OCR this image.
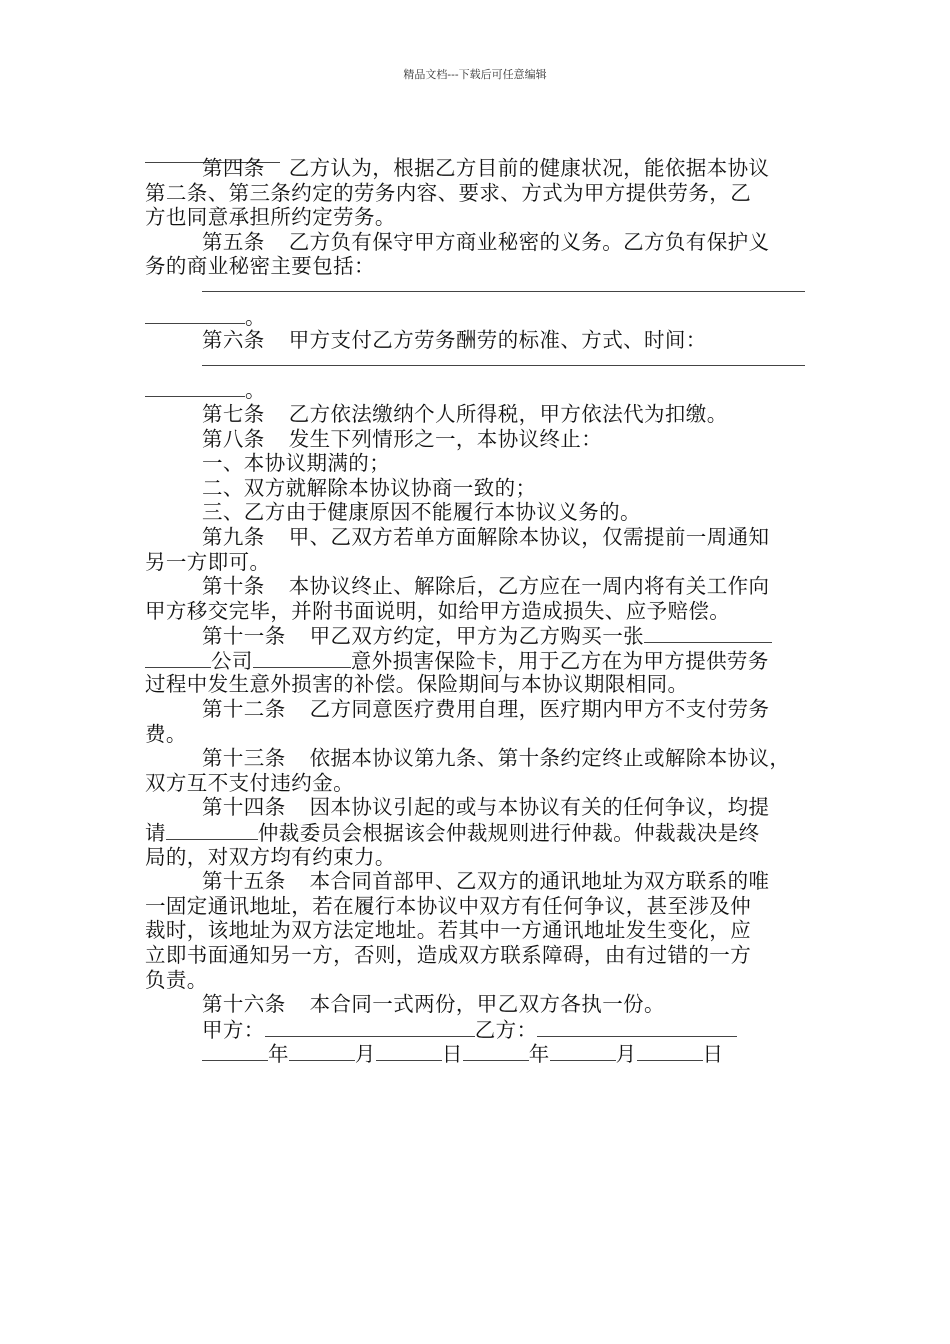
精品文档---下载后可任意编辑
第四条 乙方认为，根据乙方目前的健康状况，能依据本协议
第二条、第三条约定的劳务内容、要求、方式为甲方提供劳务，乙
方也同意承担所约定劳务。
第五条 乙方负有保守甲方商业秘密的义务。乙方负有保护义
务的商业秘密主要包括：
。
第六条 甲方支付乙方劳务酬劳的标准、方式、时间：
。
第七条 乙方依法缴纳个人所得税，甲方依法代为扣缴。
第八条 发生下列情形之一，本协议终止：
一、本协议期满的；
二、双方就解除本协议协商一致的；
三、乙方由于健康原因不能履行本协议义务的。
第九条 甲、乙双方若单方面解除本协议，仅需提前一周通知
另一方即可。
第十条 本协议终止、解除后，乙方应在一周内将有关工作向
甲方移交完毕，并附书面说明，如给甲方造成损失、应予赔偿。
第十一条 甲乙双方约定，甲方为乙方购买一张
公司	意外损害保险卡，用于乙方在为甲方提供劳务
过程中发生意外损害的补偿。保险期间与本协议期限相同。
第十二条 乙方同意医疗费用自理，医疗期内甲方不支付劳务
费。
第十三条 依据本协议第九条、第十条约定终止或解除本协议，
双方互不支付违约金。
第十四条 因本协议引起的或与本协议有关的任何争议，均提
请	仲裁委员会根据该会仲裁规则进行仲裁。仲裁裁决是终
局的，对双方均有约束力。
第十五条 本合同首部甲、乙双方的通讯地址为双方联系的唯
一固定通讯地址，若在履行本协议中双方有任何争议，甚至涉及仲
裁时，该地址为双方法定地址。若其中一方通讯地址发生变化，应
立即书面通知另一方，否则，造成双方联系障碍，由有过错的一方
负责。
第十六条 本合同一式两份，甲乙双方各执一份。
甲方：	乙方：
年	月	日	年	月	日
